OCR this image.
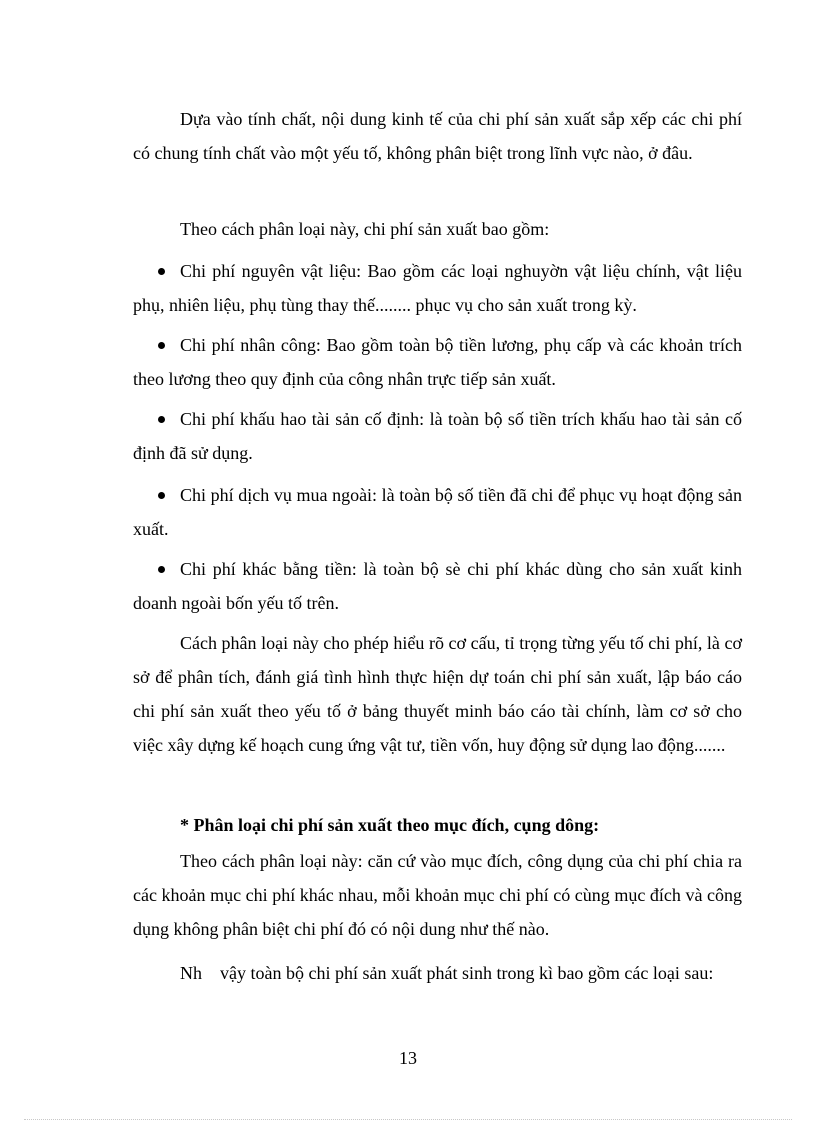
Dựa vào tính chất, nội dung kinh tế của chi phí sản xuất sắp xếp các chi phí có chung tính chất vào một yếu tố, không phân biệt trong lĩnh vực nào, ở đâu.

Theo cách phân loại này, chi phí sản xuất bao gồm:

Chi phí nguyên vật liệu: Bao gồm các loại nghuyờn vật liệu chính, vật liệu phụ, nhiên liệu, phụ tùng thay thế........ phục vụ cho sản xuất trong kỳ.
Chi phí nhân công: Bao gồm toàn bộ tiền lương, phụ cấp và các khoản trích theo lương theo quy định của công nhân trực tiếp sản xuất.
Chi phí khấu hao tài sản cố định: là toàn bộ số tiền trích khấu hao tài sản cố định đã sử dụng.
Chi phí dịch vụ mua ngoài: là toàn bộ số tiền đã chi để phục vụ hoạt động sản xuất.
Chi phí khác bằng tiền: là toàn bộ sè chi phí khác dùng cho sản xuất kinh doanh ngoài bốn yếu tố trên.

Cách phân loại này cho phép hiểu rõ cơ cấu, tỉ trọng từng yếu tố chi phí, là cơ sở để phân tích, đánh giá tình hình thực hiện dự toán chi phí sản xuất, lập báo cáo chi phí sản xuất theo yếu tố ở bảng thuyết minh báo cáo tài chính, làm cơ sở cho việc xây dựng kế hoạch cung ứng vật tư, tiền vốn, huy động sử dụng lao động.......

* Phân loại chi phí sản xuất theo mục đích, cụng dông:

Theo cách phân loại này: căn cứ vào mục đích, công dụng của chi phí chia ra các khoản mục chi phí khác nhau, mỗi khoản mục chi phí có cùng mục đích và công dụng không phân biệt chi phí đó có nội dung như thế nào.

Nh    vậy toàn bộ chi phí sản xuất phát sinh trong kì bao gồm các loại sau:

13
